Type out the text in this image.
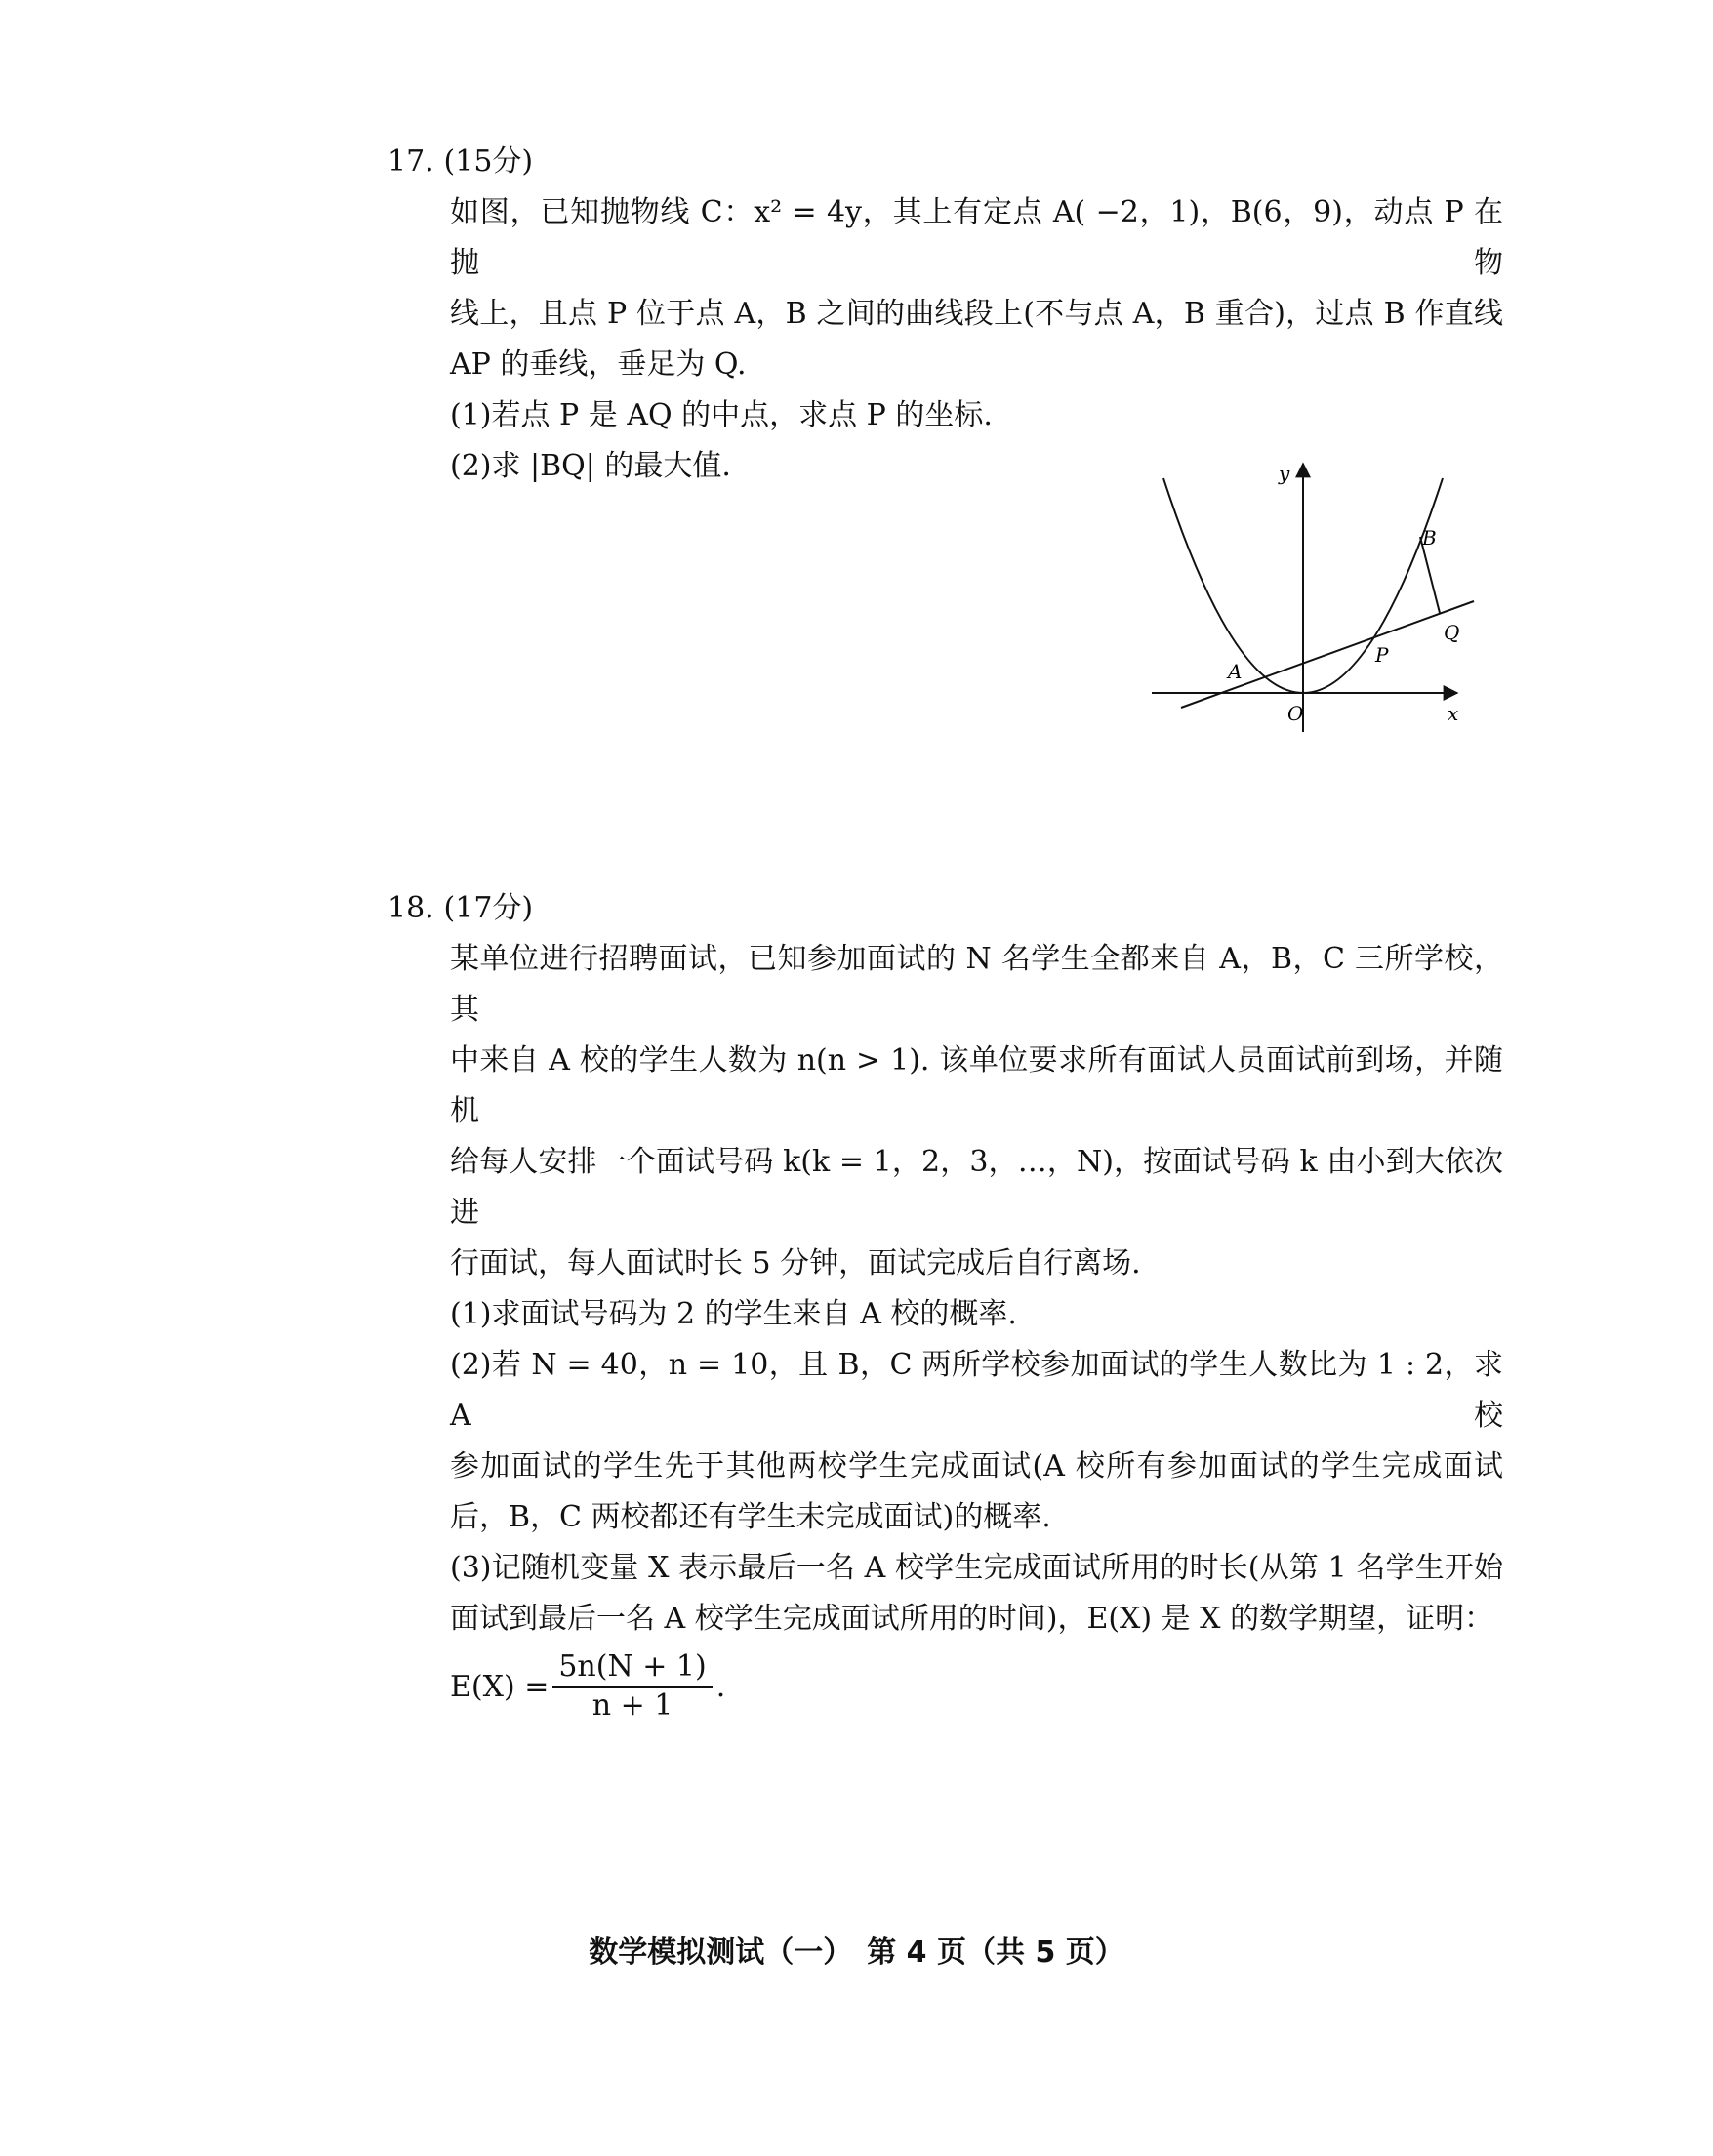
17. (15分)
如图，已知抛物线 C：x² = 4y，其上有定点 A( −2，1)，B(6，9)，动点 P 在抛物
线上，且点 P 位于点 A，B 之间的曲线段上(不与点 A，B 重合)，过点 B 作直线
AP 的垂线，垂足为 Q.
(1)若点 P 是 AQ 的中点，求点 P 的坐标.
(2)求 |BQ| 的最大值.	y
x
O
A
B
P
Q
18. (17分)
某单位进行招聘面试，已知参加面试的 N 名学生全都来自 A，B，C 三所学校，其
中来自 A 校的学生人数为 n(n > 1). 该单位要求所有面试人员面试前到场，并随机
给每人安排一个面试号码 k(k = 1，2，3，…，N)，按面试号码 k 由小到大依次进
行面试，每人面试时长 5 分钟，面试完成后自行离场.
(1)求面试号码为 2 的学生来自 A 校的概率.
(2)若 N = 40，n = 10，且 B，C 两所学校参加面试的学生人数比为 1 : 2，求 A 校
参加面试的学生先于其他两校学生完成面试(A 校所有参加面试的学生完成面试
后，B，C 两校都还有学生未完成面试)的概率.
(3)记随机变量 X 表示最后一名 A 校学生完成面试所用的时长(从第 1 名学生开始
面试到最后一名 A 校学生完成面试所用的时间)，E(X) 是 X 的数学期望，证明：
$E(X) = \frac{5n(N + 1)}{n + 1}$ .
数学模拟测试（一）　第 4 页（共 5 页）
